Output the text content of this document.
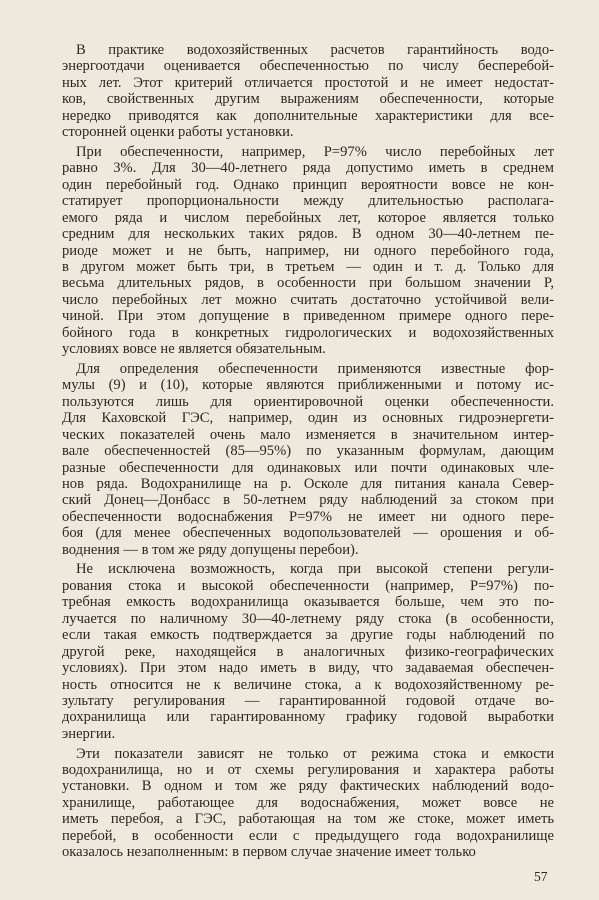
В практике водохозяйственных расчетов гарантийность водо-
энергоотдачи оценивается обеспеченностью по числу бесперебой-
ных лет. Этот критерий отличается простотой и не имеет недостат-
ков, свойственных другим выражениям обеспеченности, которые
нередко приводятся как дополнительные характеристики для все-
сторонней оценки работы установки.
При обеспеченности, например, P=97% число перебойных лет
равно 3%. Для 30—40-летнего ряда допустимо иметь в среднем
один перебойный год. Однако принцип вероятности вовсе не кон-
статирует пропорциональности между длительностью располага-
емого ряда и числом перебойных лет, которое является только
средним для нескольких таких рядов. В одном 30—40-летнем пе-
риоде может и не быть, например, ни одного перебойного года,
в другом может быть три, в третьем — один и т. д. Только для
весьма длительных рядов, в особенности при большом значении P,
число перебойных лет можно считать достаточно устойчивой вели-
чиной. При этом допущение в приведенном примере одного пере-
бойного года в конкретных гидрологических и водохозяйственных
условиях вовсе не является обязательным.
Для определения обеспеченности применяются известные фор-
мулы (9) и (10), которые являются приближенными и потому ис-
пользуются лишь для ориентировочной оценки обеспеченности.
Для Каховской ГЭС, например, один из основных гидроэнергети-
ческих показателей очень мало изменяется в значительном интер-
вале обеспеченностей (85—95%) по указанным формулам, дающим
разные обеспеченности для одинаковых или почти одинаковых чле-
нов ряда. Водохранилище на р. Осколе для питания канала Север-
ский Донец—Донбасс в 50-летнем ряду наблюдений за стоком при
обеспеченности водоснабжения P=97% не имеет ни одного пере-
боя (для менее обеспеченных водопользователей — орошения и об-
воднения — в том же ряду допущены перебои).
Не исключена возможность, когда при высокой степени регули-
рования стока и высокой обеспеченности (например, P=97%) по-
требная емкость водохранилища оказывается больше, чем это по-
лучается по наличному 30—40-летнему ряду стока (в особенности,
если такая емкость подтверждается за другие годы наблюдений по
другой реке, находящейся в аналогичных физико-географических
условиях). При этом надо иметь в виду, что задаваемая обеспечен-
ность относится не к величине стока, а к водохозяйственному ре-
зультату регулирования — гарантированной годовой отдаче во-
дохранилища или гарантированному графику годовой выработки
энергии.
Эти показатели зависят не только от режима стока и емкости
водохранилища, но и от схемы регулирования и характера работы
установки. В одном и том же ряду фактических наблюдений водо-
хранилище, работающее для водоснабжения, может вовсе не
иметь перебоя, а ГЭС, работающая на том же стоке, может иметь
перебой, в особенности если с предыдущего года водохранилище
оказалось незаполненным: в первом случае значение имеет только
57
